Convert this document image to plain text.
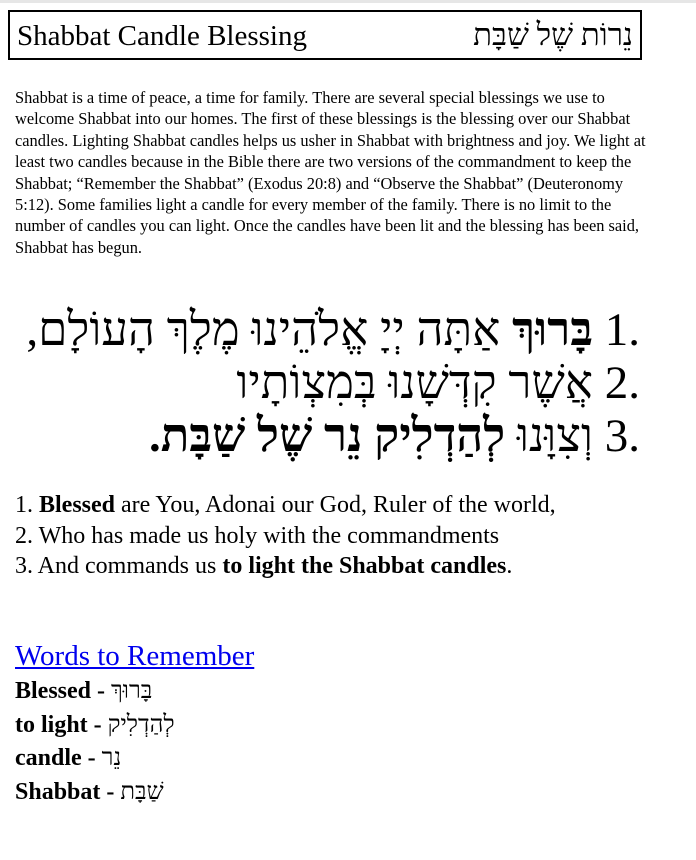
Shabbat Candle Blessing	נֵרוֹת שֶׁל שַׁבָּת

Shabbat is a time of peace, a time for family. There are several special blessings we use to welcome Shabbat into our homes. The first of these blessings is the blessing over our Shabbat candles. Lighting Shabbat candles helps us usher in Shabbat with brightness and joy. We light at least two candles because in the Bible there are two versions of the commandment to keep the Shabbat; “Remember the Shabbat” (Exodus 20:8) and “Observe the Shabbat” (Deuteronomy 5:12). Some families light a candle for every member of the family. There is no limit to the number of candles you can light. Once the candles have been lit and the blessing has been said, Shabbat has begun.

1. בָּרוּךְ אַתָּה יְיָ אֱלֹהֵינוּ מֶלֶךְ הָעוֹלָם,
2. אֲשֶׁר קִדְּשָׁנוּ בְּמִצְוֹתָיו
3. וְצִוָּנוּ לְהַדְלִיק נֵר שֶׁל שַׁבָּת.
1. Blessed are You, Adonai our God, Ruler of the world,
2. Who has made us holy with the commandments
3. And commands us to light the Shabbat candles.
Words to Remember
Blessed - בָּרוּךְ
to light - לְהַדְלִיק
candle - נֵר
Shabbat - שַׁבָּת
